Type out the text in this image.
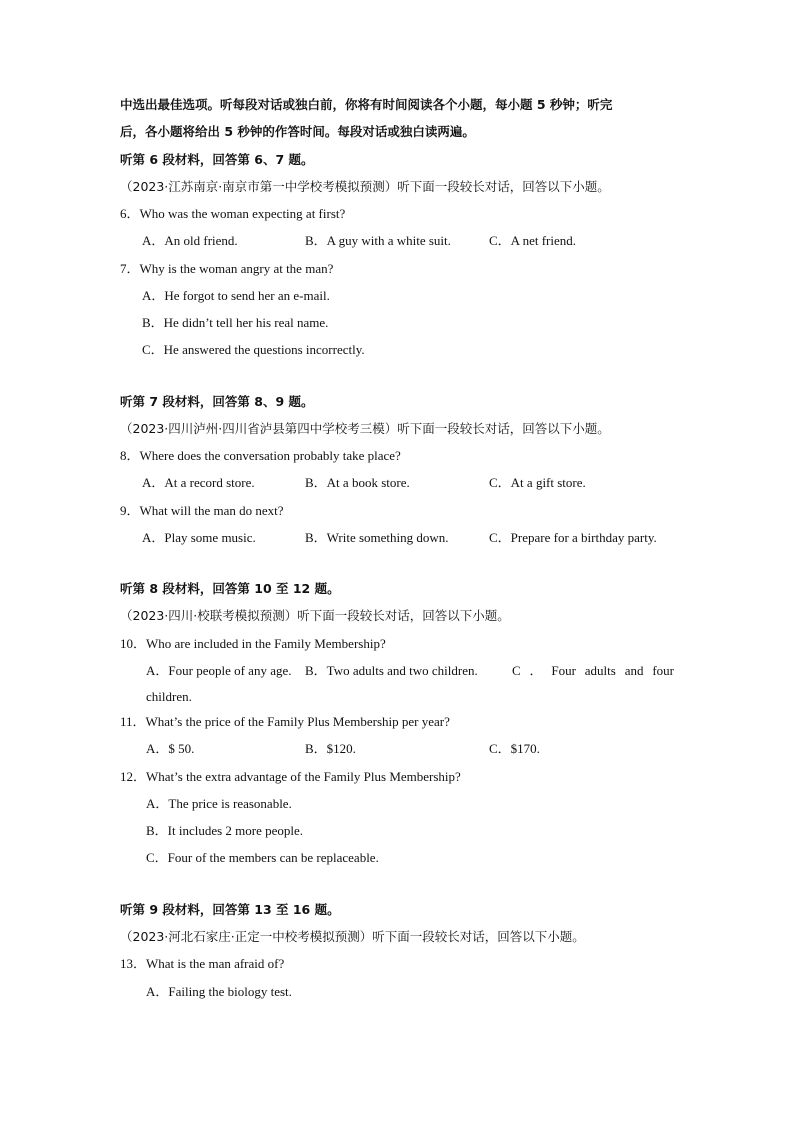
中选出最佳选项。听每段对话或独白前，你将有时间阅读各个小题，每小题 5 秒钟；听完
后，各小题将给出 5 秒钟的作答时间。每段对话或独白读两遍。
听第 6 段材料，回答第 6、7 题。
（2023·江苏南京·南京市第一中学校考模拟预测）听下面一段较长对话，回答以下小题。
6．Who was the woman expecting at first?
A．An old friend.	B．A guy with a white suit.	C．A net friend.
7．Why is the woman angry at the man?
A．He forgot to send her an e-mail.
B．He didn’t tell her his real name.
C．He answered the questions incorrectly.
听第 7 段材料，回答第 8、9 题。
（2023·四川泸州·四川省泸县第四中学校考三模）听下面一段较长对话，回答以下小题。
8．Where does the conversation probably take place?
A．At a record store.	B．At a book store.	C．At a gift store.
9．What will the man do next?
A．Play some music.	B．Write something down.	C．Prepare for a birthday party.
听第 8 段材料，回答第 10 至 12 题。
（2023·四川·校联考模拟预测）听下面一段较长对话，回答以下小题。
10．Who are included in the Family Membership?
A．Four people of any age. B．Two adults and two children.	C ． Four adults and four
children.
11．What’s the price of the Family Plus Membership per year?
A．$ 50.	B．$120.	C．$170.
12．What’s the extra advantage of the Family Plus Membership?
A．The price is reasonable.
B．It includes 2 more people.
C．Four of the members can be replaceable.
听第 9 段材料，回答第 13 至 16 题。
（2023·河北石家庄·正定一中校考模拟预测）听下面一段较长对话，回答以下小题。
13．What is the man afraid of?
A．Failing the biology test.
